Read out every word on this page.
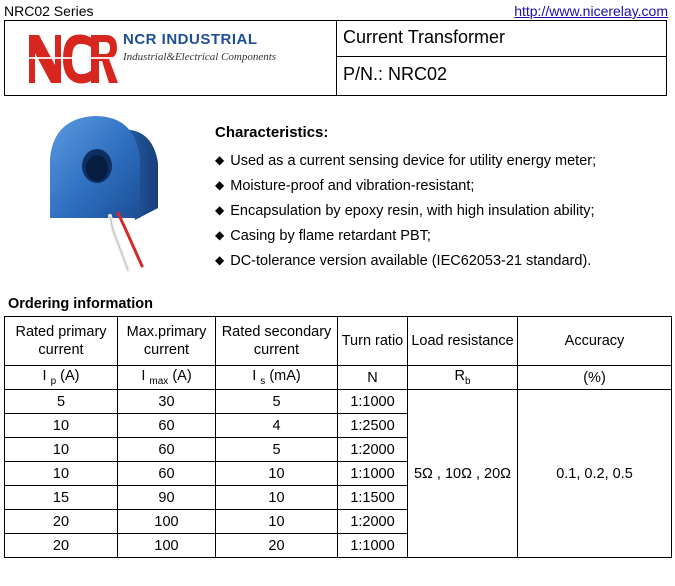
NRC02 Series	http://www.nicerelay.com
NCR INDUSTRIAL
Industrial&Electrical Components
Current Transformer
P/N.: NRC02
Characteristics:
◆ Used as a current sensing device for utility energy meter;
◆ Moisture-proof and vibration-resistant;
◆ Encapsulation by epoxy resin, with high insulation ability;
◆ Casing by flame retardant PBT;
◆ DC-tolerance version available (IEC62053-21 standard).
Ordering information
Rated primary current	Max.primary current	Rated secondary current	Turn ratio	Load resistance	Accuracy
I $_p$ (A)	I $_{max}$ (A)	I $_s$ (mA)	N	$R_b$	(%)
5	30	5	1:1000	5Ω , 10Ω , 20Ω	0.1, 0.2, 0.5
10	60	4	1:2500		
10	60	5	1:2000		
10	60	10	1:1000		
15	90	10	1:1500		
20	100	10	1:2000		
20	100	20	1:1000		
